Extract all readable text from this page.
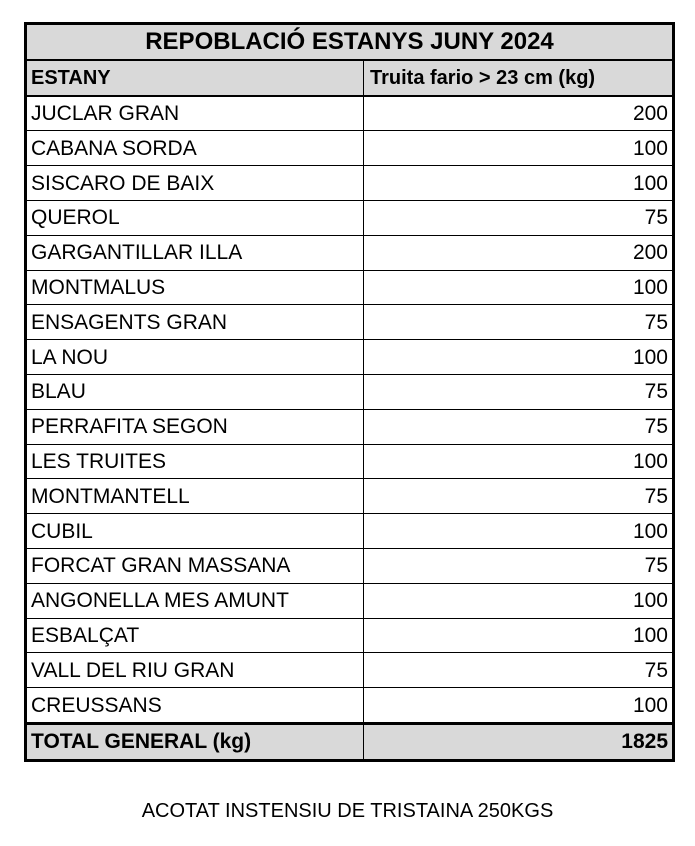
REPOBLACIÓ ESTANYS JUNY 2024	
ESTANY	Truita fario > 23 cm (kg)
JUCLAR GRAN	200
CABANA SORDA	100
SISCARO DE BAIX	100
QUEROL	75
GARGANTILLAR ILLA	200
MONTMALUS	100
ENSAGENTS GRAN	75
LA NOU	100
BLAU	75
PERRAFITA SEGON	75
LES TRUITES	100
MONTMANTELL	75
CUBIL	100
FORCAT GRAN MASSANA	75
ANGONELLA MES AMUNT	100
ESBALÇAT	100
VALL DEL RIU GRAN	75
CREUSSANS	100
TOTAL GENERAL (kg)	1825
ACOTAT INSTENSIU DE TRISTAINA 250KGS
